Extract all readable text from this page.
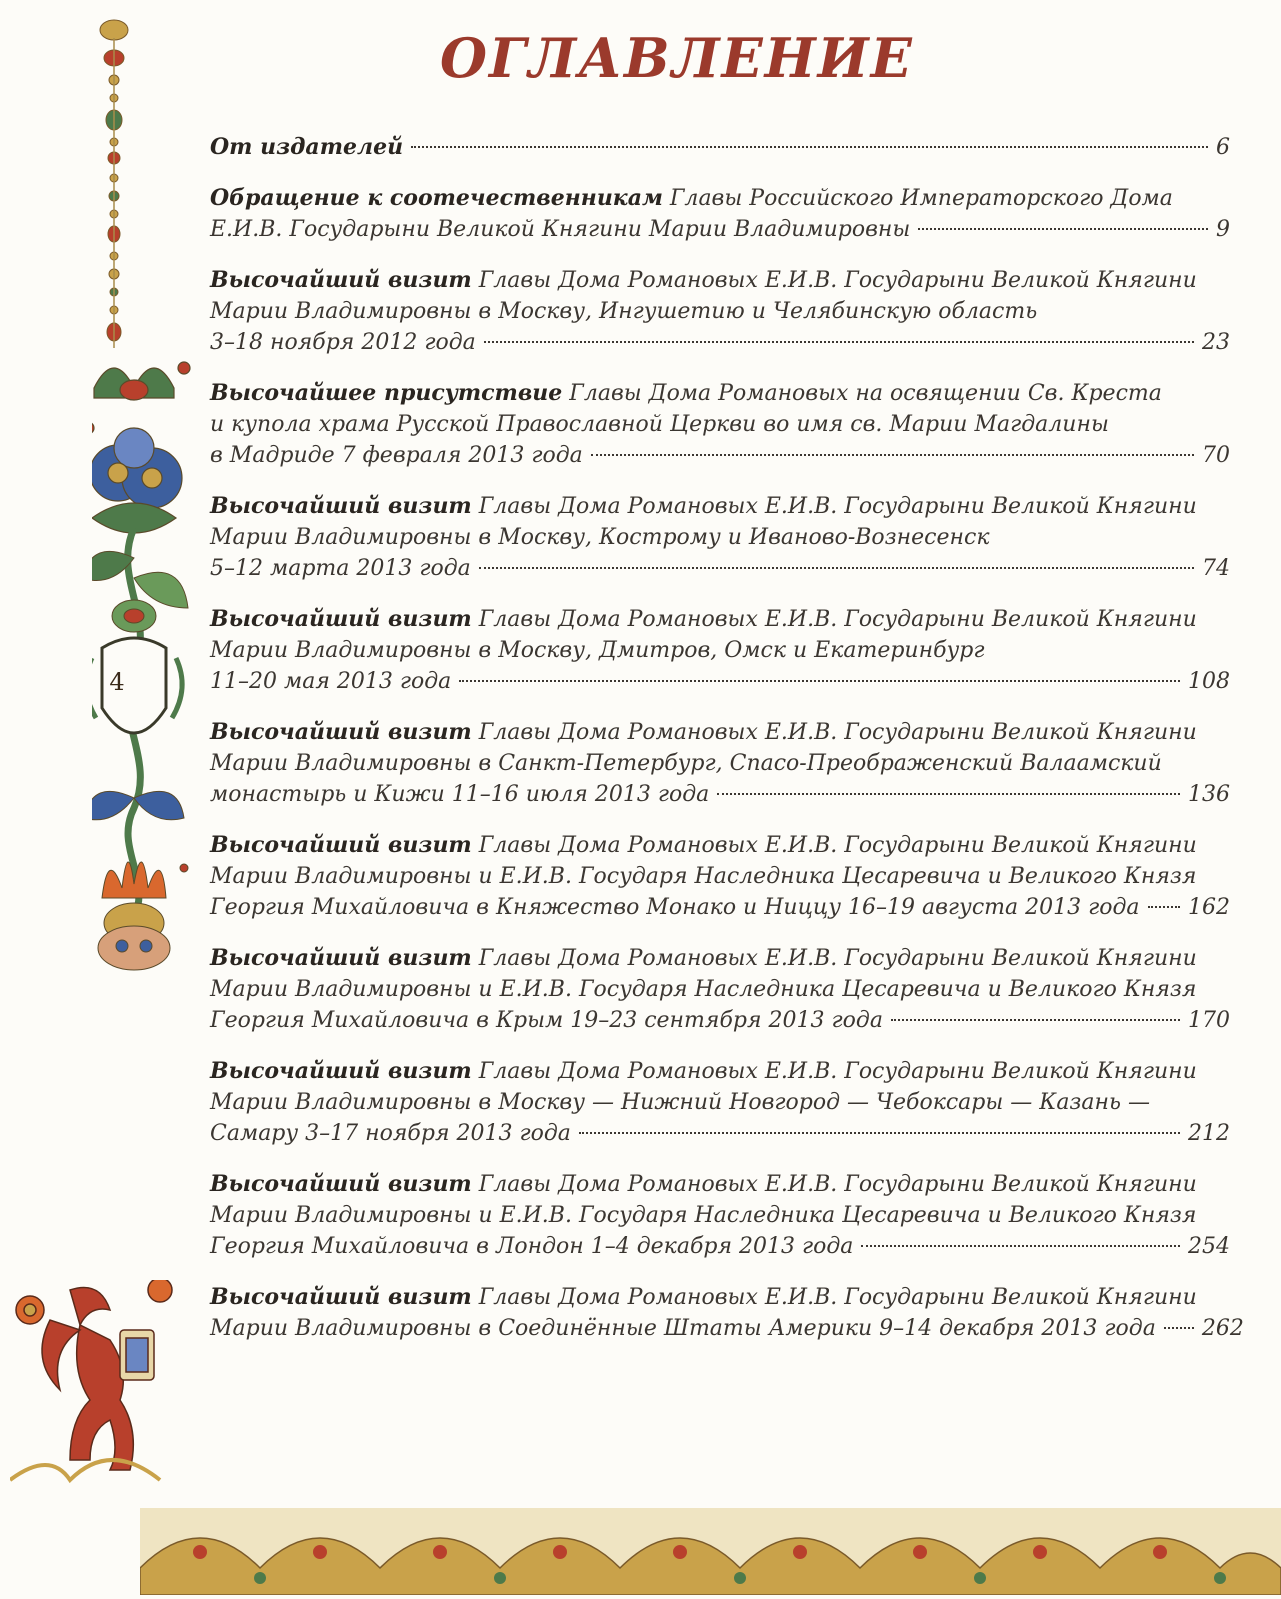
4
ОГЛАВЛЕНИЕ
От издателей	6
Обращение к соотечественникам Главы Российского Императорского Дома
Е.И.В. Государыни Великой Княгини Марии Владимировны	9
Высочайший визит Главы Дома Романовых Е.И.В. Государыни Великой Княгини
Марии Владимировны в Москву, Ингушетию и Челябинскую область
3–18 ноября 2012 года	23
Высочайшее присутствие Главы Дома Романовых на освящении Св. Креста
и купола храма Русской Православной Церкви во имя св. Марии Магдалины
в Мадриде 7 февраля 2013 года	70
Высочайший визит Главы Дома Романовых Е.И.В. Государыни Великой Княгини
Марии Владимировны в Москву, Кострому и Иваново-Вознесенск
5–12 марта 2013 года	74
Высочайший визит Главы Дома Романовых Е.И.В. Государыни Великой Княгини
Марии Владимировны в Москву, Дмитров, Омск и Екатеринбург
11–20 мая 2013 года	108
Высочайший визит Главы Дома Романовых Е.И.В. Государыни Великой Княгини
Марии Владимировны в Санкт-Петербург, Спасо-Преображенский Валаамский
монастырь и Кижи 11–16 июля 2013 года	136
Высочайший визит Главы Дома Романовых Е.И.В. Государыни Великой Княгини
Марии Владимировны и Е.И.В. Государя Наследника Цесаревича и Великого Князя
Георгия Михайловича в Княжество Монако и Ниццу 16–19 августа 2013 года 162
Высочайший визит Главы Дома Романовых Е.И.В. Государыни Великой Княгини
Марии Владимировны и Е.И.В. Государя Наследника Цесаревича и Великого Князя
Георгия Михайловича в Крым 19–23 сентября 2013 года	170
Высочайший визит Главы Дома Романовых Е.И.В. Государыни Великой Княгини
Марии Владимировны в Москву — Нижний Новгород — Чебоксары — Казань —
Самару 3–17 ноября 2013 года	212
Высочайший визит Главы Дома Романовых Е.И.В. Государыни Великой Княгини
Марии Владимировны и Е.И.В. Государя Наследника Цесаревича и Великого Князя
Георгия Михайловича в Лондон 1–4 декабря 2013 года	254
Высочайший визит Главы Дома Романовых Е.И.В. Государыни Великой Княгини
Марии Владимировны в Соединённые Штаты Америки 9–14 декабря 2013 года 262
